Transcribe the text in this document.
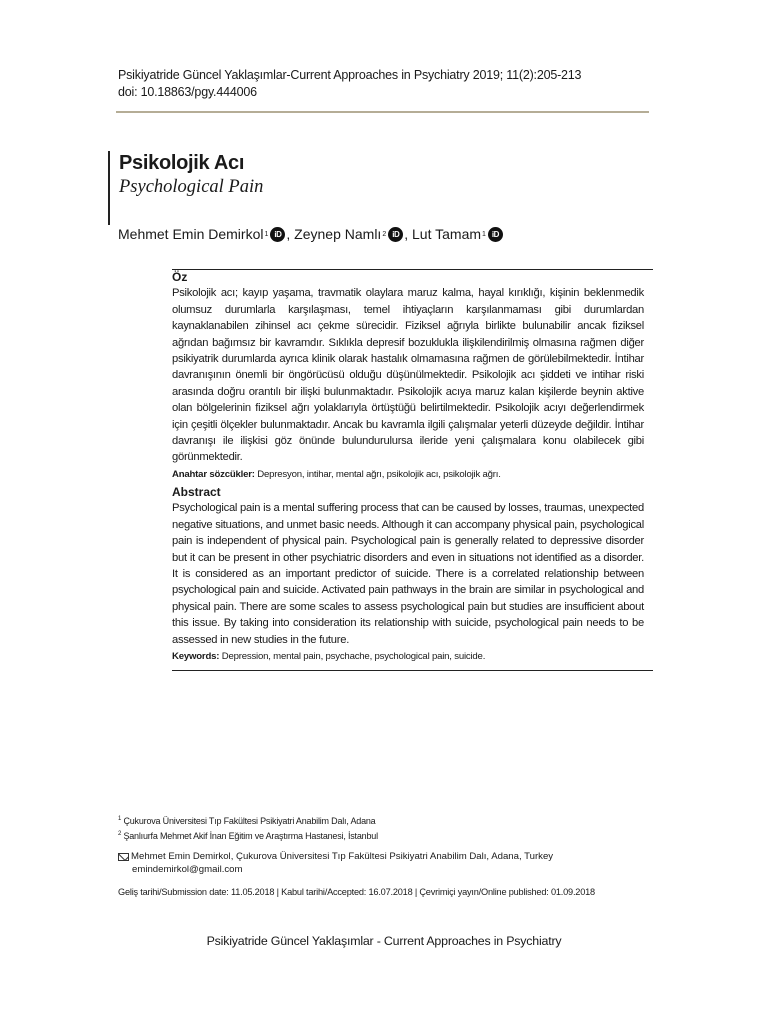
Psikiyatride Güncel Yaklaşımlar-Current Approaches in Psychiatry 2019; 11(2):205-213
doi: 10.18863/pgy.444006
Psikolojik Acı
Psychological Pain
Mehmet Emin Demirkol 1 iD , Zeynep Namlı 2 iD , Lut Tamam 1 iD
Öz

Psikolojik acı; kayıp yaşama, travmatik olaylara maruz kalma, hayal kırıklığı, kişinin beklenmedik olumsuz durumlarla karşılaşması, temel ihtiyaçların karşılanmaması gibi durumlardan kaynaklanabilen zihinsel acı çekme sürecidir. Fiziksel ağrıyla birlikte bulunabilir ancak fiziksel ağrıdan bağımsız bir kavramdır. Sıklıkla depresif bozuklukla ilişkilendirilmiş olmasına rağmen diğer psikiyatrik durumlarda ayrıca klinik olarak hastalık olmamasına rağmen de görülebilmektedir. İntihar davranışının önemli bir öngörücüsü olduğu düşünülmektedir. Psikolojik acı şiddeti ve intihar riski arasında doğru orantılı bir ilişki bulunmaktadır. Psikolojik acıya maruz kalan kişilerde beynin aktive olan bölgelerinin fiziksel ağrı yolaklarıyla örtüştüğü belirtilmektedir. Psikolojik acıyı değerlendirmek için çeşitli ölçekler bulunmaktadır. Ancak bu kavramla ilgili çalışmalar yeterli düzeyde değildir. İntihar davranışı ile ilişkisi göz önünde bulundurulursa ileride yeni çalışmalara konu olabilecek gibi görünmektedir.

Anahtar sözcükler: Depresyon, intihar, mental ağrı, psikolojik acı, psikolojik ağrı.
Abstract

Psychological pain is a mental suffering process that can be caused by losses, traumas, unexpected negative situations, and unmet basic needs. Although it can accompany physical pain, psychological pain is independent of physical pain. Psychological pain is generally related to depressive disorder but it can be present in other psychiatric disorders and even in situations not identified as a disorder. It is considered as an important predictor of suicide. There is a correlated relationship between psychological pain and suicide. Activated pain pathways in the brain are similar in psychological and physical pain. There are some scales to assess psychological pain but studies are insufficient about this issue. By taking into consideration its relationship with suicide, psychological pain needs to be assessed in new studies in the future.

Keywords: Depression, mental pain, psychache, psychological pain, suicide.
$^1$ Çukurova Üniversitesi Tıp Fakültesi Psikiyatri Anabilim Dalı, Adana
$^2$ Şanlıurfa Mehmet Akif İnan Eğitim ve Araştırma Hastanesi, İstanbul
Mehmet Emin Demirkol, Çukurova Üniversitesi Tıp Fakültesi Psikiyatri Anabilim Dalı, Adana, Turkey
emindemirkol@gmail.com
Geliş tarihi/Submission date: 11.05.2018 | Kabul tarihi/Accepted: 16.07.2018 | Çevrimiçi yayın/Online published: 01.09.2018
Psikiyatride Güncel Yaklaşımlar - Current Approaches in Psychiatry
